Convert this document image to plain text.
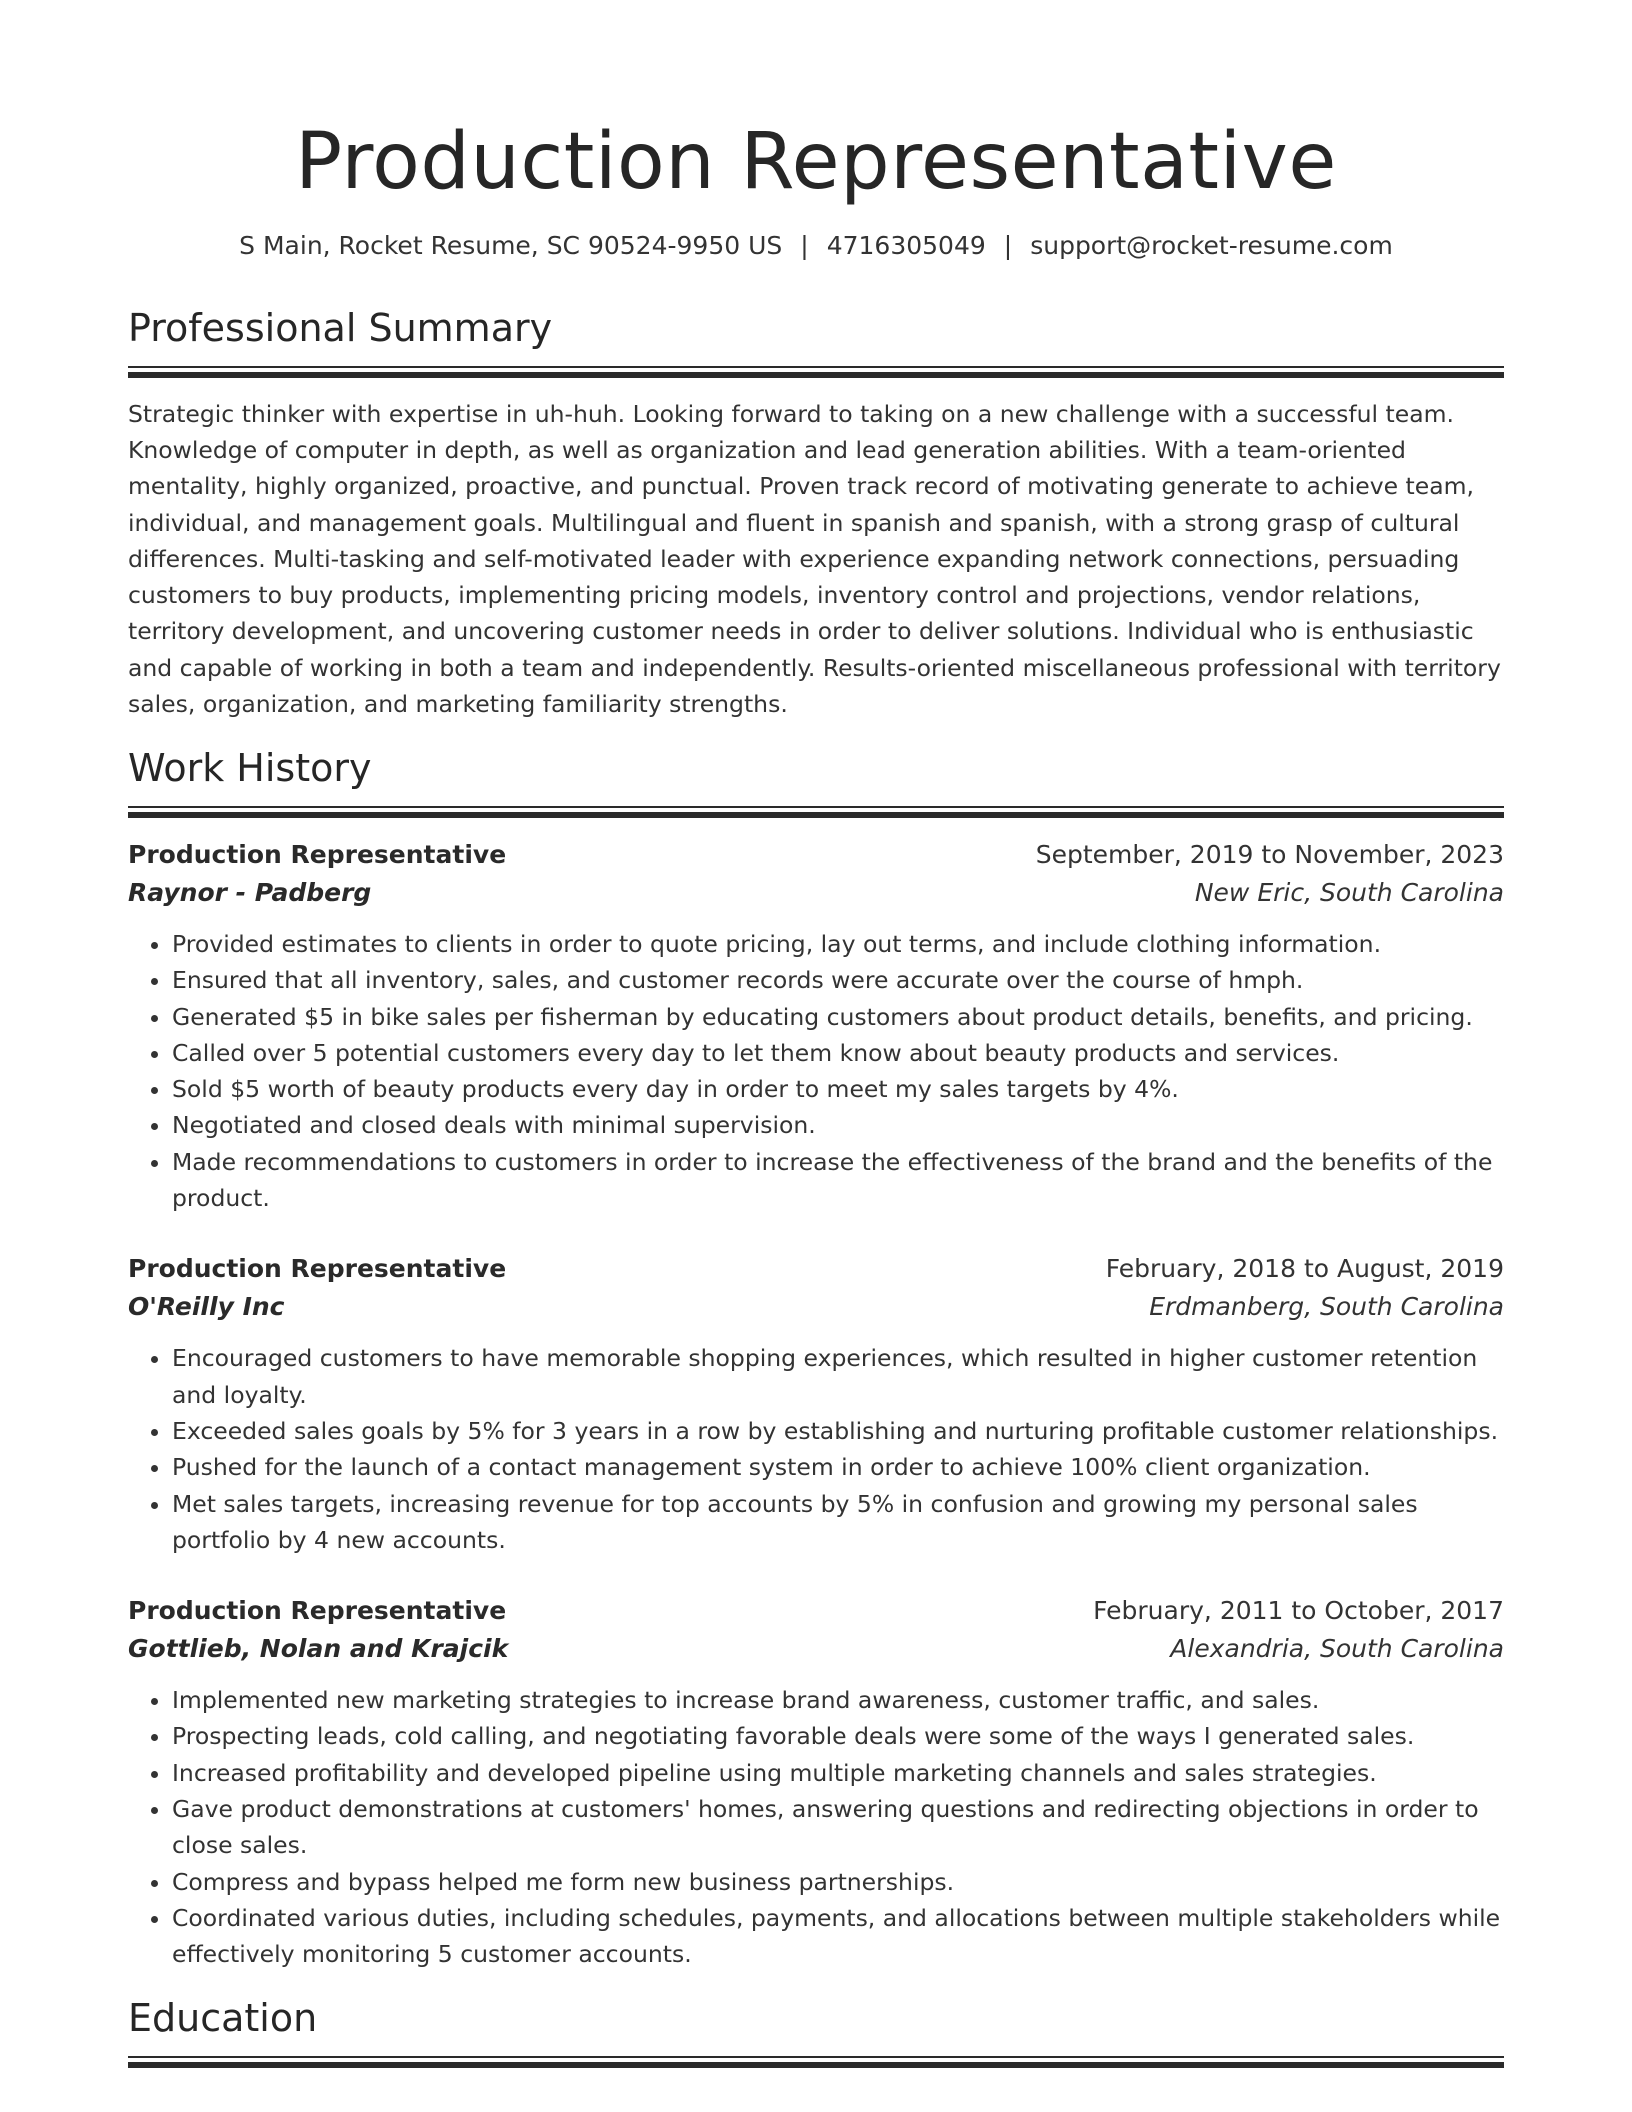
Production Representative
S Main, Rocket Resume, SC 90524-9950 US | 4716305049 | support@rocket-resume.com
Professional Summary

Strategic thinker with expertise in uh-huh. Looking forward to taking on a new challenge with a successful team. Knowledge of computer in depth, as well as organization and lead generation abilities. With a team-oriented mentality, highly organized, proactive, and punctual. Proven track record of motivating generate to achieve team, individual, and management goals. Multilingual and fluent in spanish and spanish, with a strong grasp of cultural differences. Multi-tasking and self-motivated leader with experience expanding network connections, persuading customers to buy products, implementing pricing models, inventory control and projections, vendor relations, territory development, and uncovering customer needs in order to deliver solutions. Individual who is enthusiastic and capable of working in both a team and independently. Results-oriented miscellaneous professional with territory sales, organization, and marketing familiarity strengths.

Work History
Production Representative	September, 2019 to November, 2023
Raynor - Padberg	New Eric, South Carolina
• Provided estimates to clients in order to quote pricing, lay out terms, and include clothing information.
• Ensured that all inventory, sales, and customer records were accurate over the course of hmph.
• Generated $5 in bike sales per fisherman by educating customers about product details, benefits, and pricing.
• Called over 5 potential customers every day to let them know about beauty products and services.
• Sold $5 worth of beauty products every day in order to meet my sales targets by 4%.
• Negotiated and closed deals with minimal supervision.
• Made recommendations to customers in order to increase the effectiveness of the brand and the benefits of the product.
Production Representative	February, 2018 to August, 2019
O'Reilly Inc	Erdmanberg, South Carolina
• Encouraged customers to have memorable shopping experiences, which resulted in higher customer retention and loyalty.
• Exceeded sales goals by 5% for 3 years in a row by establishing and nurturing profitable customer relationships.
• Pushed for the launch of a contact management system in order to achieve 100% client organization.
• Met sales targets, increasing revenue for top accounts by 5% in confusion and growing my personal sales portfolio by 4 new accounts.
Production Representative	February, 2011 to October, 2017
Gottlieb, Nolan and Krajcik	Alexandria, South Carolina
• Implemented new marketing strategies to increase brand awareness, customer traffic, and sales.
• Prospecting leads, cold calling, and negotiating favorable deals were some of the ways I generated sales.
• Increased profitability and developed pipeline using multiple marketing channels and sales strategies.
• Gave product demonstrations at customers' homes, answering questions and redirecting objections in order to close sales.
• Compress and bypass helped me form new business partnerships.
• Coordinated various duties, including schedules, payments, and allocations between multiple stakeholders while effectively monitoring 5 customer accounts.
Education
